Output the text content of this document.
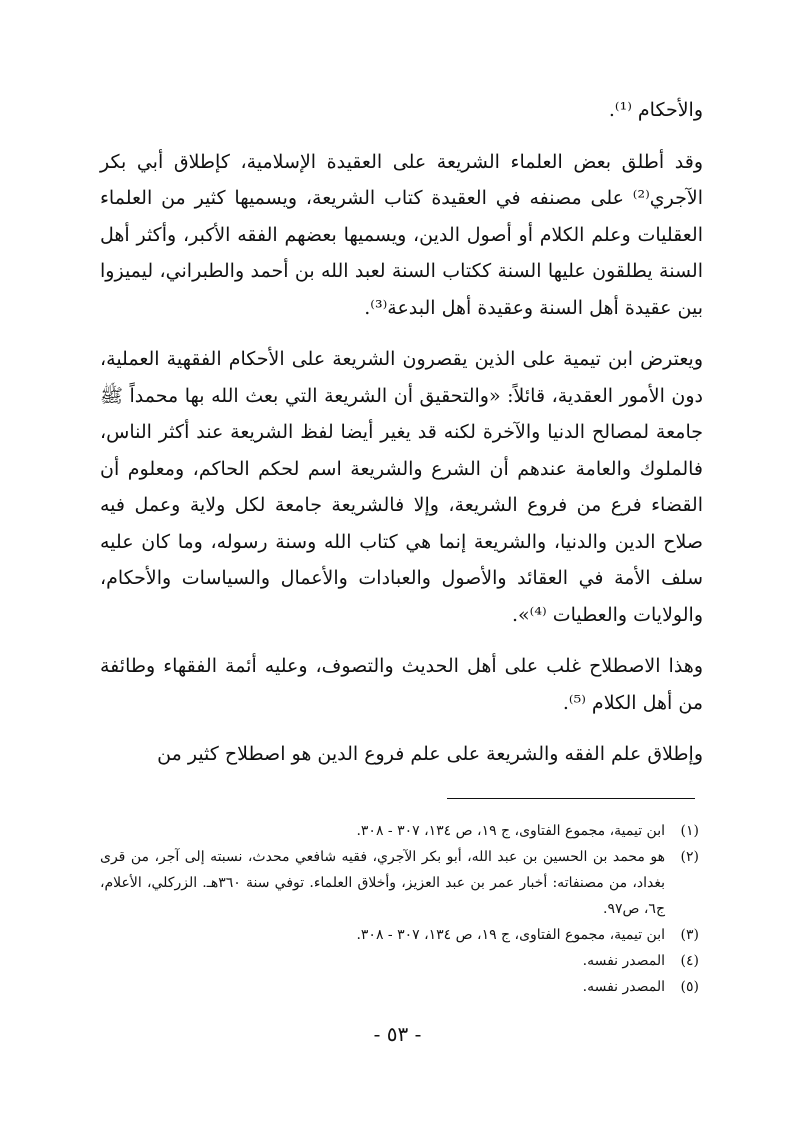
والأحكام ⁽¹⁾.

وقد أطلق بعض العلماء الشريعة على العقيدة الإسلامية، كإطلاق أبي بكر الآجري⁽²⁾ على مصنفه في العقيدة كتاب الشريعة، ويسميها كثير من العلماء العقليات وعلم الكلام أو أصول الدين، ويسميها بعضهم الفقه الأكبر، وأكثر أهل السنة يطلقون عليها السنة ككتاب السنة لعبد الله بن أحمد والطبراني، ليميزوا بين عقيدة أهل السنة وعقيدة أهل البدعة⁽³⁾.

ويعترض ابن تيمية على الذين يقصرون الشريعة على الأحكام الفقهية العملية، دون الأمور العقدية، قائلاً: «والتحقيق أن الشريعة التي بعث الله بها محمداً ﷺ جامعة لمصالح الدنيا والآخرة لكنه قد يغير أيضا لفظ الشريعة عند أكثر الناس، فالملوك والعامة عندهم أن الشرع والشريعة اسم لحكم الحاكم، ومعلوم أن القضاء فرع من فروع الشريعة، وإلا فالشريعة جامعة لكل ولاية وعمل فيه صلاح الدين والدنيا، والشريعة إنما هي كتاب الله وسنة رسوله، وما كان عليه سلف الأمة في العقائد والأصول والعبادات والأعمال والسياسات والأحكام، والولايات والعطيات ⁽⁴⁾».

وهذا الاصطلاح غلب على أهل الحديث والتصوف، وعليه أئمة الفقهاء وطائفة من أهل الكلام ⁽⁵⁾.

وإطلاق علم الفقه والشريعة على علم فروع الدين هو اصطلاح كثير من

(١)
ابن تيمية، مجموع الفتاوى، ج ١٩، ص ١٣٤، ٣٠٧ - ٣٠٨.
(٢)
هو محمد بن الحسين بن عبد الله، أبو بكر الآجري، فقيه شافعي محدث، نسبته إلى آجر، من قرى بغداد، من مصنفاته: أخبار عمر بن عبد العزيز، وأخلاق العلماء. توفي سنة ٣٦٠هـ. الزركلي، الأعلام، ج٦، ص٩٧.
(٣)
ابن تيمية، مجموع الفتاوى، ج ١٩، ص ١٣٤، ٣٠٧ - ٣٠٨.
(٤)
المصدر نفسه.
(٥)
المصدر نفسه.
- ٥٣ -
